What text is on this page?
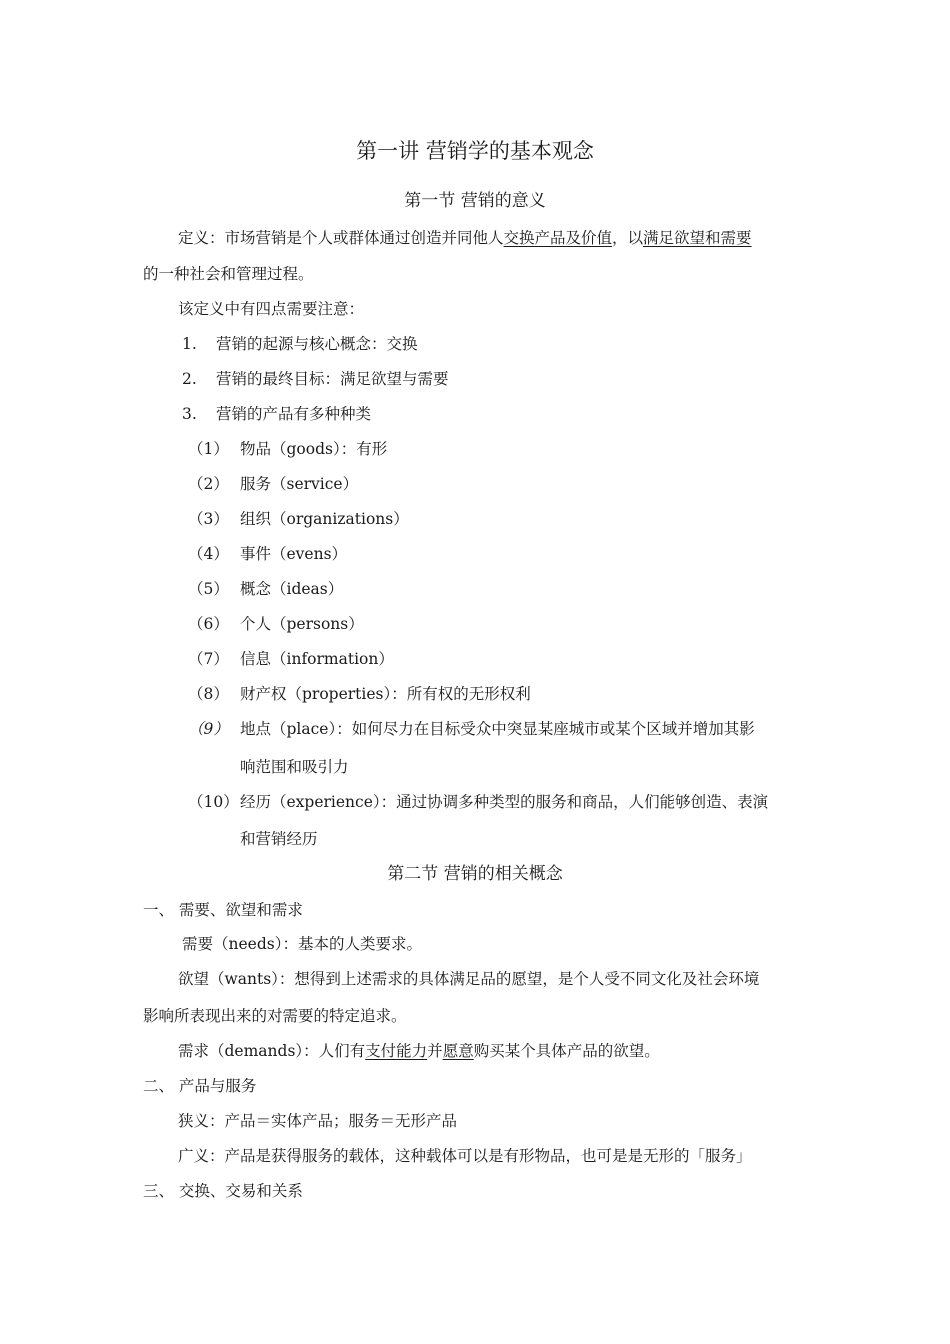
第一讲 营销学的基本观念
第一节 营销的意义
定义：市场营销是个人或群体通过创造并同他人交换产品及价值，以满足欲望和需要
的一种社会和管理过程。
该定义中有四点需要注意：
1. 营销的起源与核心概念：交换
2. 营销的最终目标：满足欲望与需要
3. 营销的产品有多种种类
（1） 物品（goods）：有形
（2） 服务（service）
（3） 组织（organizations）
（4） 事件（evens）
（5） 概念（ideas）
（6） 个人（persons）
（7） 信息（information）
（8） 财产权（properties）：所有权的无形权利
（9） 地点（place）：如何尽力在目标受众中突显某座城市或某个区域并增加其影
响范围和吸引力
（10）经历（experience）：通过协调多种类型的服务和商品，人们能够创造、表演
和营销经历
第二节 营销的相关概念
一、 需要、欲望和需求
需要（needs）：基本的人类要求。
欲望（wants）：想得到上述需求的具体满足品的愿望，是个人受不同文化及社会环境
影响所表现出来的对需要的特定追求。
需求（demands）：人们有支付能力并愿意购买某个具体产品的欲望。
二、 产品与服务
狭义：产品＝实体产品；服务＝无形产品
广义：产品是获得服务的载体，这种载体可以是有形物品，也可是是无形的「服务」
三、 交换、交易和关系
